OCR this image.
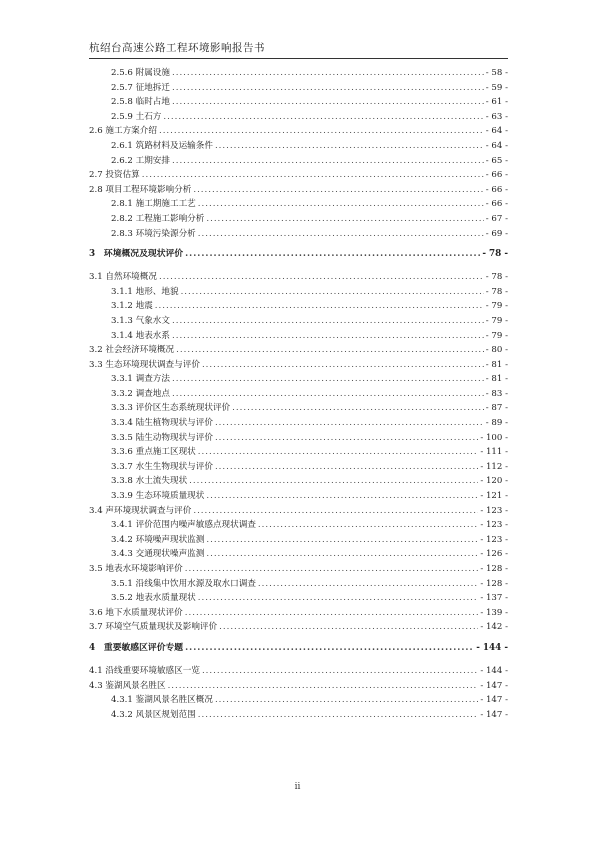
杭绍台高速公路工程环境影响报告书
2.5.6 附属设施 .....	- 58 -
2.5.7 征地拆迁 .....	- 59 -
2.5.8 临时占地 .....	- 61 -
2.5.9 土石方 .....	- 63 -
2.6 施工方案介绍 .....	- 64 -
2.6.1 筑路材料及运输条件 .....	- 64 -
2.6.2 工期安排 .....	- 65 -
2.7 投资估算 .....	- 66 -
2.8 项目工程环境影响分析 .....	- 66 -
2.8.1 施工期施工工艺 .....	- 66 -
2.8.2 工程施工影响分析 .....	- 67 -
2.8.3 环境污染源分析 .....	- 69 -
3　环境概况及现状评价 .....	- 78 -
3.1 自然环境概况 .....	- 78 -
3.1.1 地形、地貌 .....	- 78 -
3.1.2 地震 .....	- 79 -
3.1.3 气象水文 .....	- 79 -
3.1.4 地表水系 .....	- 79 -
3.2 社会经济环境概况 .....	- 80 -
3.3 生态环境现状调查与评价 .....	- 81 -
3.3.1 调查方法 .....	- 81 -
3.3.2 调查地点 .....	- 83 -
3.3.3 评价区生态系统现状评价 .....	- 87 -
3.3.4 陆生植物现状与评价 .....	- 89 -
3.3.5 陆生动物现状与评价 .....	- 100 -
3.3.6 重点施工区现状 .....	- 111 -
3.3.7 水生生物现状与评价 .....	- 112 -
3.3.8 水土流失现状 .....	- 120 -
3.3.9 生态环境质量现状 .....	- 121 -
3.4 声环境现状调查与评价 .....	- 123 -
3.4.1 评价范围内噪声敏感点现状调查 .....	- 123 -
3.4.2 环境噪声现状监测 .....	- 123 -
3.4.3 交通现状噪声监测 .....	- 126 -
3.5 地表水环境影响评价 .....	- 128 -
3.5.1 沿线集中饮用水源及取水口调查 .....	- 128 -
3.5.2 地表水质量现状 .....	- 137 -
3.6 地下水质量现状评价 .....	- 139 -
3.7 环境空气质量现状及影响评价 .....	- 142 -
4　重要敏感区评价专题 .....	- 144 -
4.1 沿线重要环境敏感区一览 .....	- 144 -
4.3 鉴湖风景名胜区 .....	- 147 -
4.3.1 鉴湖风景名胜区概况 .....	- 147 -
4.3.2 风景区规划范围 .....	- 147 -
ii
